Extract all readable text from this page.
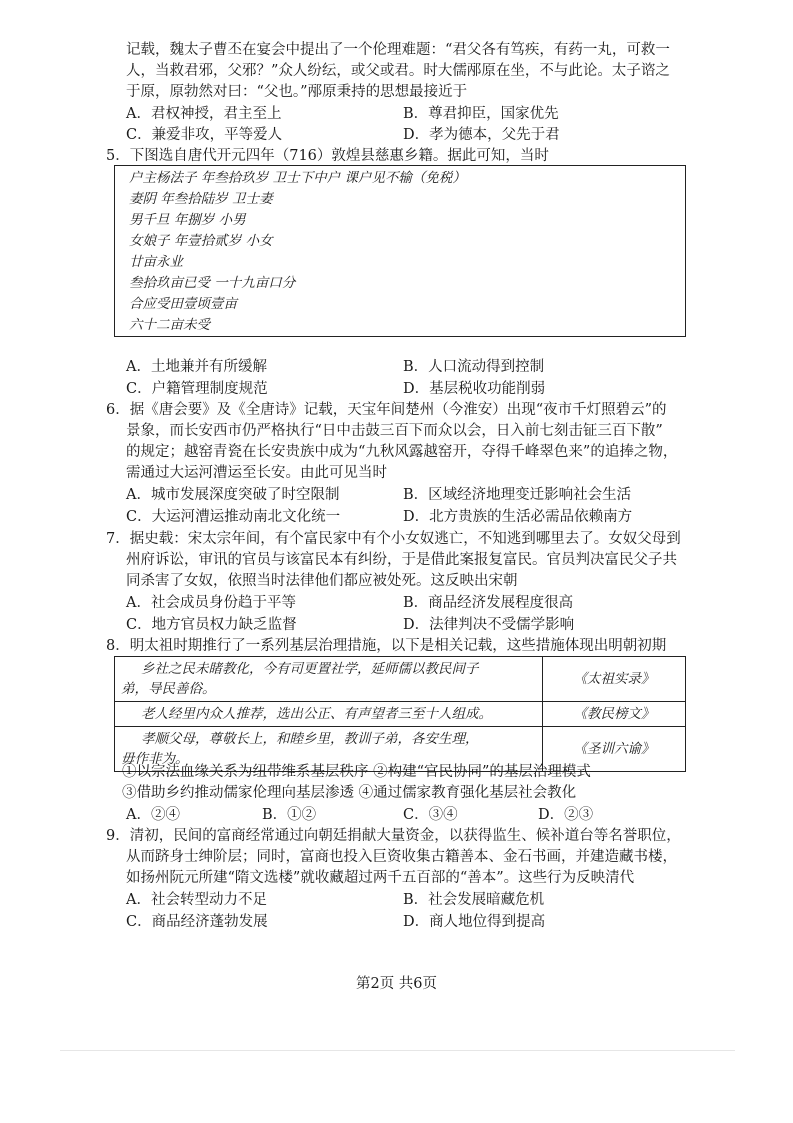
记载，魏太子曹丕在宴会中提出了一个伦理难题：“君父各有笃疾，有药一丸，可救一
人，当救君邪，父邪？”众人纷纭，或父或君。时大儒邴原在坐，不与此论。太子谘之
于原，原勃然对曰：“父也。”邴原秉持的思想最接近于
A．君权神授，君主至上	B．尊君抑臣，国家优先
C．兼爱非攻，平等爱人	D．孝为德本，父先于君
5．下图选自唐代开元四年（716）敦煌县慈惠乡籍。据此可知，当时
户主杨法子 年叁拾玖岁 卫士下中户 课户见不输（免税）
妻阴 年叁拾陆岁 卫士妻
男千旦 年捌岁 小男
女娘子 年壹拾贰岁 小女
廿亩永业
叁拾玖亩已受 一十九亩口分
合应受田壹顷壹亩
六十二亩未受
A．土地兼并有所缓解	B．人口流动得到控制
C．户籍管理制度规范	D．基层税收功能削弱
6．据《唐会要》及《全唐诗》记载，天宝年间楚州（今淮安）出现“夜市千灯照碧云”的
景象，而长安西市仍严格执行“日中击鼓三百下而众以会，日入前七刻击钲三百下散”
的规定；越窑青瓷在长安贵族中成为“九秋风露越窑开，夺得千峰翠色来”的追捧之物，
需通过大运河漕运至长安。由此可见当时
A．城市发展深度突破了时空限制	B．区域经济地理变迁影响社会生活
C．大运河漕运推动南北文化统一	D．北方贵族的生活必需品依赖南方
7．据史载：宋太宗年间，有个富民家中有个小女奴逃亡，不知逃到哪里去了。女奴父母到
州府诉讼，审讯的官员与该富民本有纠纷，于是借此案报复富民。官员判决富民父子共
同杀害了女奴，依照当时法律他们都应被处死。这反映出宋朝
A．社会成员身份趋于平等	B．商品经济发展程度很高
C．地方官员权力缺乏监督	D．法律判决不受儒学影响
8．明太祖时期推行了一系列基层治理措施，以下是相关记载，这些措施体现出明朝初期
乡社之民未睹教化，今有司更置社学，延师儒以教民间子
弟，导民善俗。	《太祖实录》

老人经里内众人推荐，选出公正、有声望者三至十人组成。	《教民榜文》

孝顺父母，尊敬长上，和睦乡里，教训子弟，各安生理，
毋作非为。	《圣训六谕》
①以宗法血缘关系为纽带维系基层秩序 ②构建“官民协同”的基层治理模式
③借助乡约推动儒家伦理向基层渗透 ④通过儒家教育强化基层社会教化
A．②④	B．①②	C．③④	D．②③
9．清初，民间的富商经常通过向朝廷捐献大量资金，以获得监生、候补道台等名誉职位，
从而跻身士绅阶层；同时，富商也投入巨资收集古籍善本、金石书画，并建造藏书楼，
如扬州阮元所建“隋文选楼”就收藏超过两千五百部的“善本”。这些行为反映清代
A．社会转型动力不足	B．社会发展暗藏危机
C．商品经济蓬勃发展	D．商人地位得到提高
第2页 共6页
